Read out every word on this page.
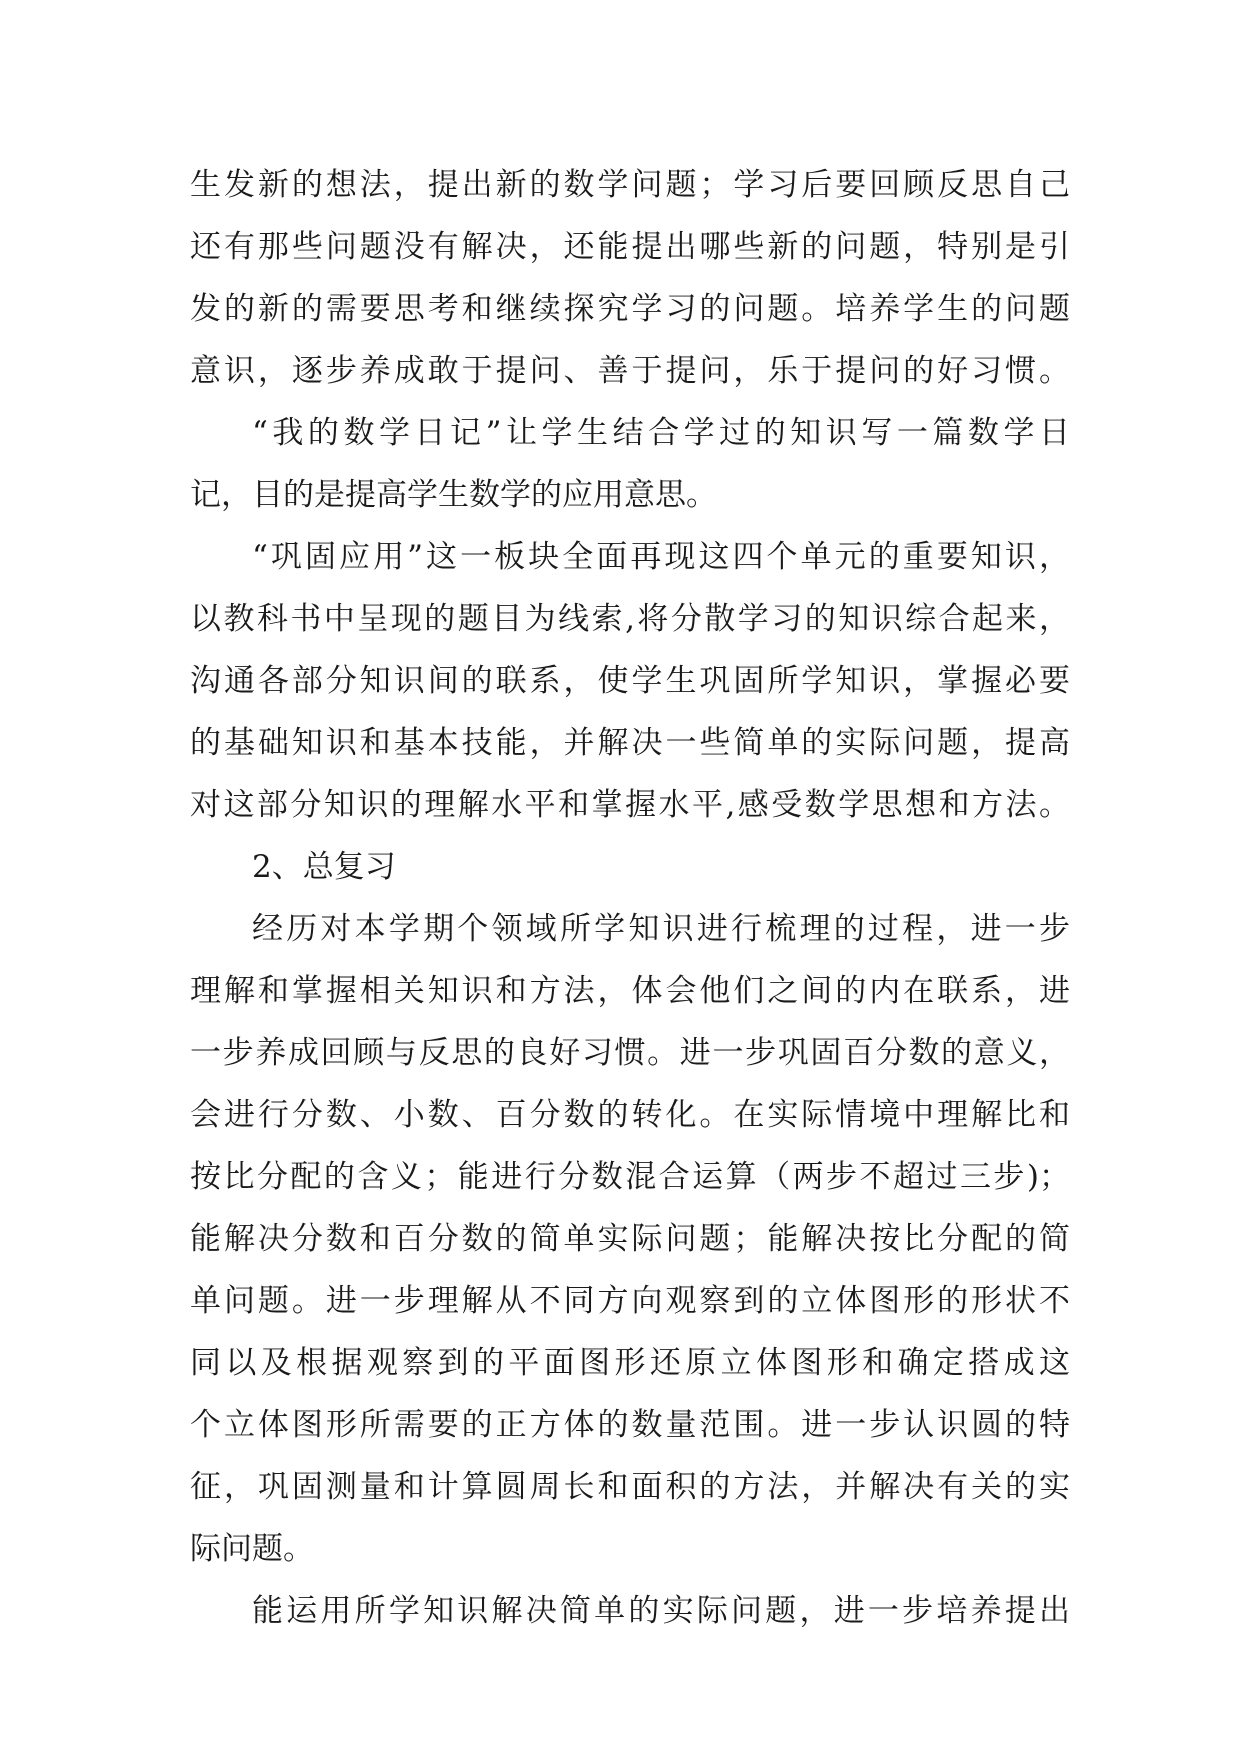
生发新的想法，提出新的数学问题；学习后要回顾反思自己
还有那些问题没有解决，还能提出哪些新的问题，特别是引
发的新的需要思考和继续探究学习的问题。培养学生的问题
意识，逐步养成敢于提问、善于提问，乐于提问的好习惯。
“我的数学日记”让学生结合学过的知识写一篇数学日
记，目的是提高学生数学的应用意思。
“巩固应用”这一板块全面再现这四个单元的重要知识，
以教科书中呈现的题目为线索,将分散学习的知识综合起来，
沟通各部分知识间的联系，使学生巩固所学知识，掌握必要
的基础知识和基本技能，并解决一些简单的实际问题，提高
对这部分知识的理解水平和掌握水平,感受数学思想和方法。
2、总复习
经历对本学期个领域所学知识进行梳理的过程，进一步
理解和掌握相关知识和方法，体会他们之间的内在联系，进
一步养成回顾与反思的良好习惯。进一步巩固百分数的意义，
会进行分数、小数、百分数的转化。在实际情境中理解比和
按比分配的含义；能进行分数混合运算（两步不超过三步)；
能解决分数和百分数的简单实际问题；能解决按比分配的简
单问题。进一步理解从不同方向观察到的立体图形的形状不
同以及根据观察到的平面图形还原立体图形和确定搭成这
个立体图形所需要的正方体的数量范围。进一步认识圆的特
征，巩固测量和计算圆周长和面积的方法，并解决有关的实
际问题。
能运用所学知识解决简单的实际问题，进一步培养提出
